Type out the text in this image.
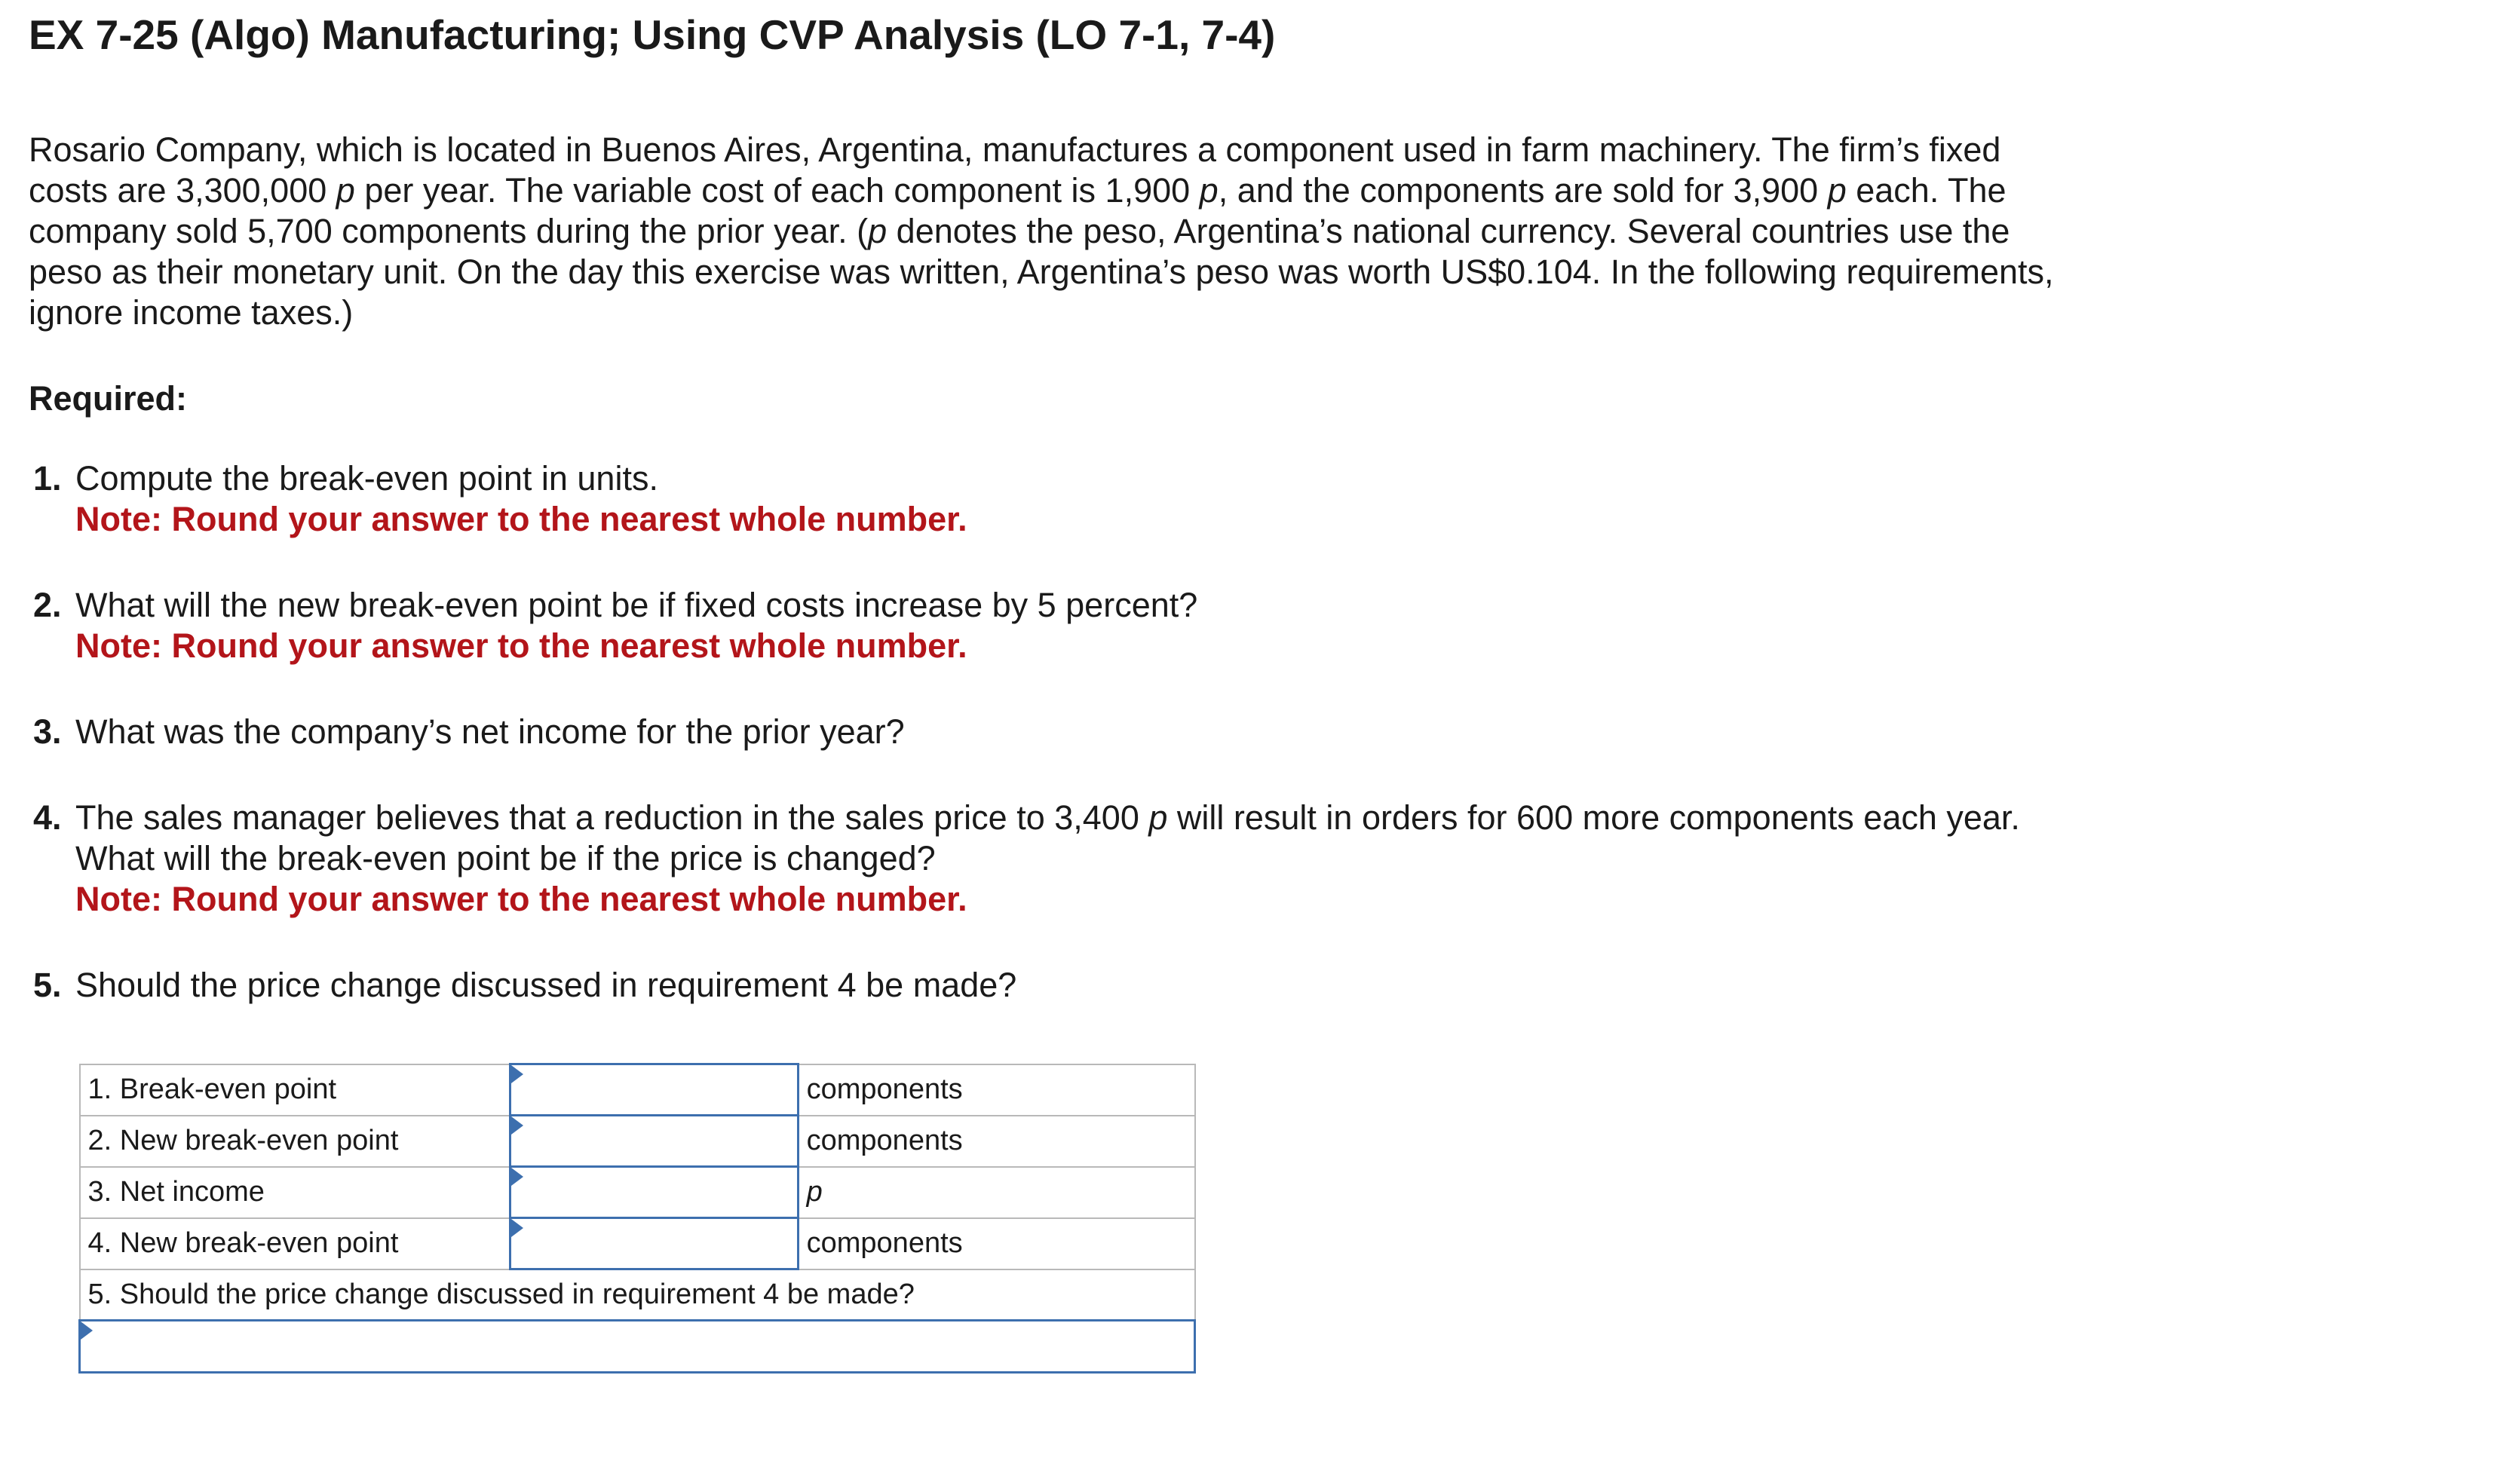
EX 7-25 (Algo) Manufacturing; Using CVP Analysis (LO 7-1, 7-4)

Rosario Company, which is located in Buenos Aires, Argentina, manufactures a component used in farm machinery. The firm’s fixed

costs are 3,300,000 p per year. The variable cost of each component is 1,900 p, and the components are sold for 3,900 p each. The

company sold 5,700 components during the prior year. (p denotes the peso, Argentina’s national currency. Several countries use the

peso as their monetary unit. On the day this exercise was written, Argentina’s peso was worth US$0.104. In the following requirements,

ignore income taxes.)

Required:
1. Compute the break-even point in units.
Note: Round your answer to the nearest whole number.
2. What will the new break-even point be if fixed costs increase by 5 percent?
Note: Round your answer to the nearest whole number.
3. What was the company’s net income for the prior year?
4. The sales manager believes that a reduction in the sales price to 3,400 p will result in orders for 600 more components each year.
What will the break-even point be if the price is changed?
Note: Round your answer to the nearest whole number.
5. Should the price change discussed in requirement 4 be made?
1. Break-even point		components
2. New break-even point		components
3. Net income		p
4. New break-even point		components
5. Should the price change discussed in requirement 4 be made?		
